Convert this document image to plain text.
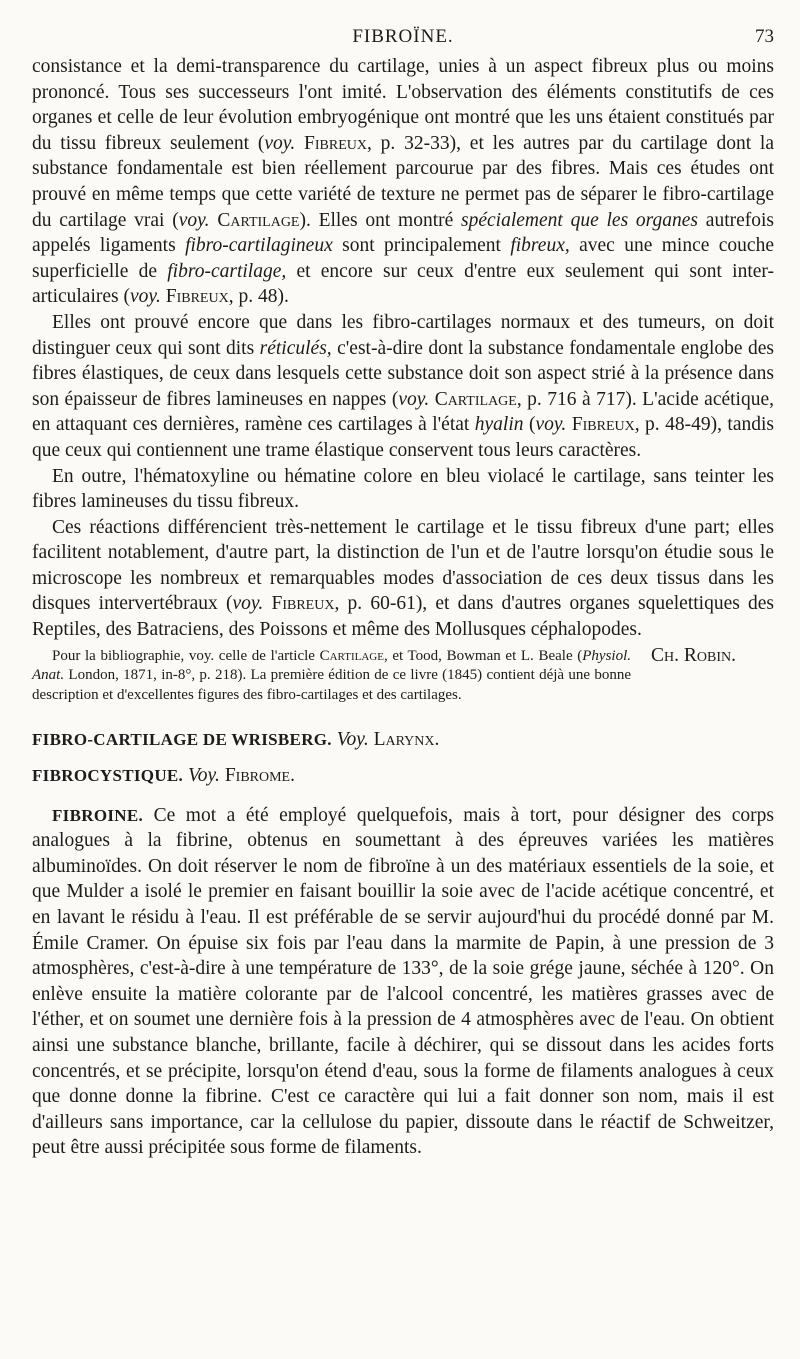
FIBROÏNE.	73

consistance et la demi-transparence du cartilage, unies à un aspect fibreux plus ou moins prononcé. Tous ses successeurs l'ont imité. L'observation des éléments constitutifs de ces organes et celle de leur évolution embryogénique ont montré que les uns étaient constitués par du tissu fibreux seulement (voy. Fibreux, p. 32-33), et les autres par du cartilage dont la substance fondamentale est bien réellement parcourue par des fibres. Mais ces études ont prouvé en même temps que cette variété de texture ne permet pas de séparer le fibro-cartilage du cartilage vrai (voy. Cartilage). Elles ont montré spécialement que les organes autrefois appelés ligaments fibro-cartilagineux sont principalement fibreux, avec une mince couche superficielle de fibro-cartilage, et encore sur ceux d'entre eux seulement qui sont inter-articulaires (voy. Fibreux, p. 48).

Elles ont prouvé encore que dans les fibro-cartilages normaux et des tumeurs, on doit distinguer ceux qui sont dits réticulés, c'est-à-dire dont la substance fondamentale englobe des fibres élastiques, de ceux dans lesquels cette substance doit son aspect strié à la présence dans son épaisseur de fibres lamineuses en nappes (voy. Cartilage, p. 716 à 717). L'acide acétique, en attaquant ces dernières, ramène ces cartilages à l'état hyalin (voy. Fibreux, p. 48-49), tandis que ceux qui contiennent une trame élastique conservent tous leurs caractères.

En outre, l'hématoxyline ou hématine colore en bleu violacé le cartilage, sans teinter les fibres lamineuses du tissu fibreux.

Ces réactions différencient très-nettement le cartilage et le tissu fibreux d'une part; elles facilitent notablement, d'autre part, la distinction de l'un et de l'autre lorsqu'on étudie sous le microscope les nombreux et remarquables modes d'association de ces deux tissus dans les disques intervertébraux (voy. Fibreux, p. 60-61), et dans d'autres organes squelettiques des Reptiles, des Batraciens, des Poissons et même des Mollusques céphalopodes.
Ch. Robin.

Pour la bibliographie, voy. celle de l'article Cartilage, et Tood, Bowman et L. Beale (Physiol. Anat. London, 1871, in-8°, p. 218). La première édition de ce livre (1845) contient déjà une bonne description et d'excellentes figures des fibro-cartilages et des cartilages.

FIBRO-CARTILAGE DE WRISBERG. Voy. Larynx.
FIBROCYSTIQUE. Voy. Fibrome.

FIBROINE. Ce mot a été employé quelquefois, mais à tort, pour désigner des corps analogues à la fibrine, obtenus en soumettant à des épreuves variées les matières albuminoïdes. On doit réserver le nom de fibroïne à un des matériaux essentiels de la soie, et que Mulder a isolé le premier en faisant bouillir la soie avec de l'acide acétique concentré, et en lavant le résidu à l'eau. Il est préférable de se servir aujourd'hui du procédé donné par M. Émile Cramer. On épuise six fois par l'eau dans la marmite de Papin, à une pression de 3 atmosphères, c'est-à-dire à une température de 133°, de la soie grége jaune, séchée à 120°. On enlève ensuite la matière colorante par de l'alcool concentré, les matières grasses avec de l'éther, et on soumet une dernière fois à la pression de 4 atmosphères avec de l'eau. On obtient ainsi une substance blanche, brillante, facile à déchirer, qui se dissout dans les acides forts concentrés, et se précipite, lorsqu'on étend d'eau, sous la forme de filaments analogues à ceux que donne donne la fibrine. C'est ce caractère qui lui a fait donner son nom, mais il est d'ailleurs sans importance, car la cellulose du papier, dissoute dans le réactif de Schweitzer, peut être aussi précipitée sous forme de filaments.
